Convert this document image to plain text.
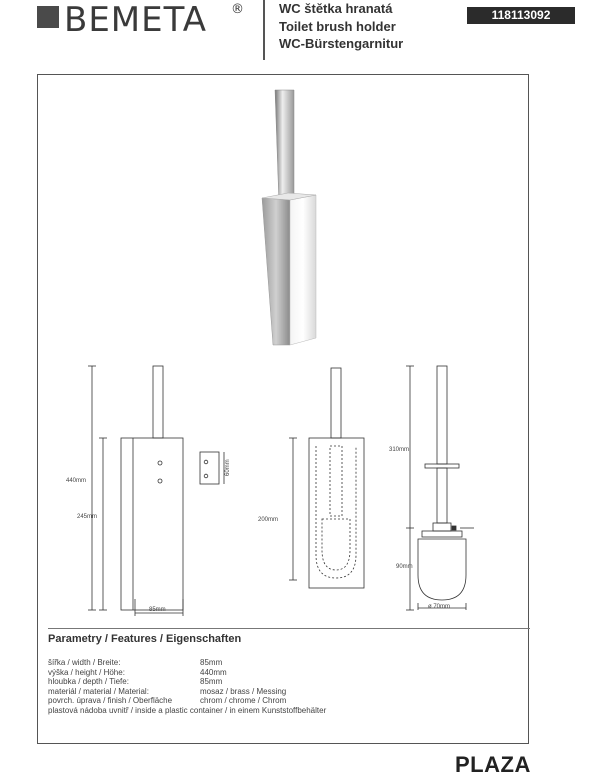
BEMETA ®	WC štětka hranatá
Toilet brush holder
WC-Bürstengarnitur
118113092
440mm
245mm
85mm
60mm
200mm
310mm
90mm
ø 70mm
Parametry / Features / Eigenschaften
šířka / width / Breite:	85mm
výška / height / Höhe:	440mm
hloubka / depth / Tiefe:	85mm
materiál / material / Material:	mosaz / brass / Messing
povrch. úprava / finish / Oberfläche	chrom / chrome / Chrom
plastová nádoba uvnitř / inside a plastic container / in einem Kunststoffbehälter
PLAZA
